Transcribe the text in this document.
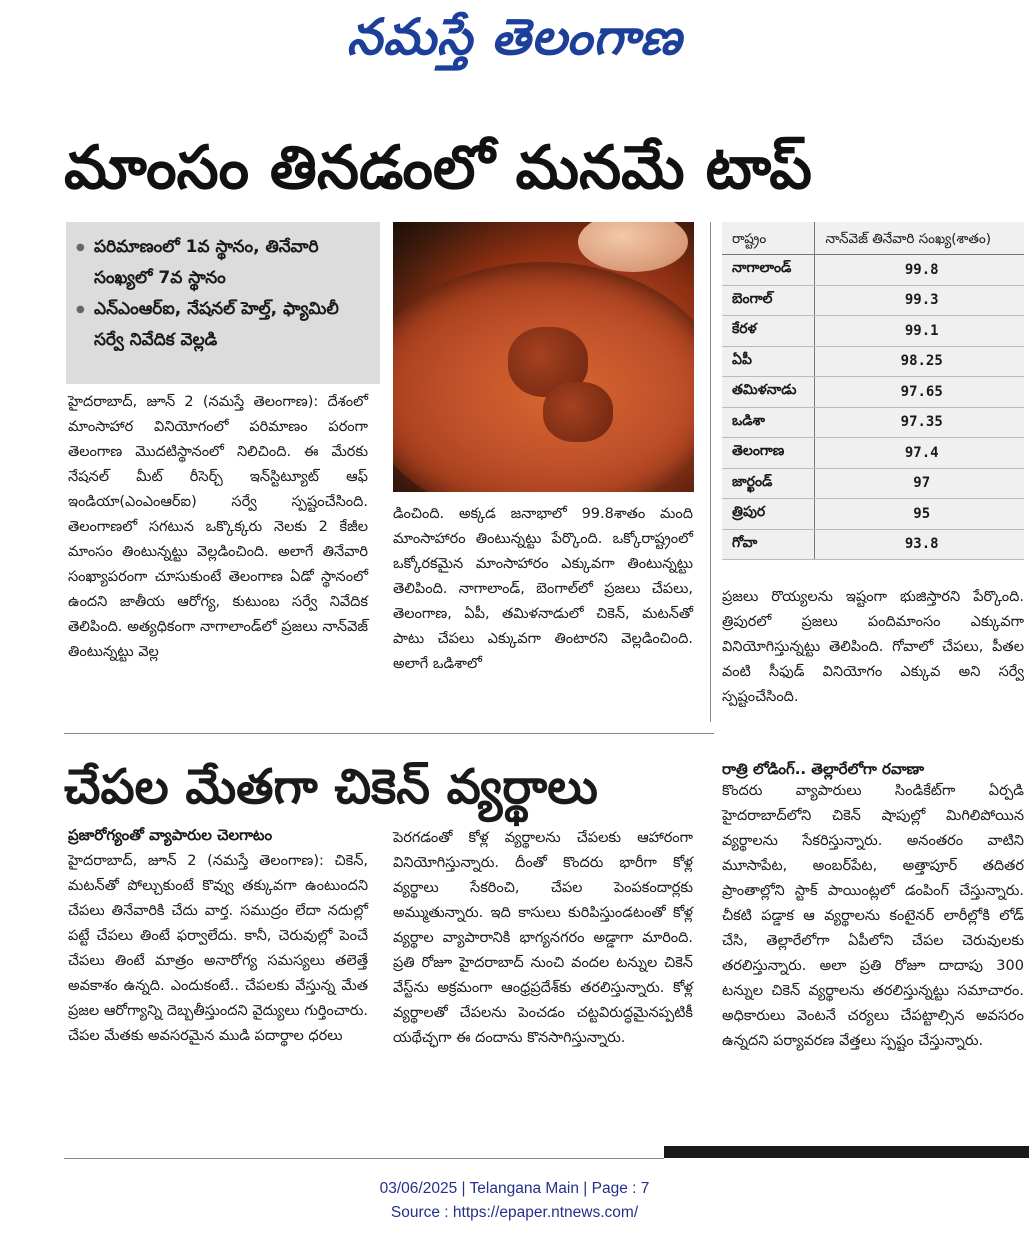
నమస్తే తెలంగాణ
మాంసం తినడంలో మనమే టాప్
● పరిమాణంలో 1వ స్థానం, తినేవారి సంఖ్యలో 7వ స్థానం
● ఎన్‌ఎంఆర్‌ఐ, నేషనల్‌ హెల్త్‌, ఫ్యామిలీ సర్వే నివేదిక వెల్లడి

హైదరాబాద్‌, జూన్‌ 2 (నమస్తే తెలంగాణ): దేశంలో మాంసాహార వినియోగంలో పరిమాణం పరంగా తెలంగాణ మొదటిస్థానంలో నిలిచింది. ఈ మేరకు నేషనల్‌ మీట్‌ రీసెర్చ్‌ ఇన్‌స్టిట్యూట్‌ ఆఫ్‌ ఇండియా(ఎంఎంఆర్‌ఐ) సర్వే స్పష్టంచేసింది. తెలంగాణలో సగటున ఒక్కొక్కరు నెలకు 2 కేజీల మాంసం తింటున్నట్టు వెల్లడించింది. అలాగే తినేవారి సంఖ్యాపరంగా చూసుకుంటే తెలంగాణ ఏడో స్థానంలో ఉందని జాతీయ ఆరోగ్య, కుటుంబ సర్వే నివేదిక తెలిపింది. అత్యధికంగా నాగాలాండ్‌లో ప్రజలు నాన్‌వెజ్‌ తింటున్నట్టు వెల్ల

డించింది. అక్కడ జనాభాలో 99.8శాతం మంది మాంసాహారం తింటున్నట్టు పేర్కొంది. ఒక్కోరాష్ట్రంలో ఒక్కోరకమైన మాంసాహారం ఎక్కువగా తింటున్నట్టు తెలిపింది. నాగాలాండ్‌, బెంగాల్‌లో ప్రజలు చేపలు, తెలంగాణ, ఏపీ, తమిళనాడులో చికెన్‌, మటన్‌తో పాటు చేపలు ఎక్కువగా తింటారని వెల్లడించింది. అలాగే ఒడిశాలో

రాష్ట్రం	నాన్‌వెజ్‌ తినేవారి సంఖ్య(శాతం)
నాగాలాండ్‌	99.8
బెంగాల్‌	99.3
కేరళ	99.1
ఏపీ	98.25
తమిళనాడు	97.65
ఒడిశా	97.35
తెలంగాణ	97.4
జార్ఖండ్‌	97
త్రిపుర	95
గోవా	93.8

ప్రజలు రొయ్యలను ఇష్టంగా భుజిస్తారని పేర్కొంది. త్రిపురలో ప్రజలు పందిమాంసం ఎక్కువగా వినియోగిస్తున్నట్టు తెలిపింది. గోవాలో చేపలు, పీతల వంటి సీఫుడ్‌ వినియోగం ఎక్కువ అని సర్వే స్పష్టంచేసింది.

చేపల మేతగా చికెన్‌ వ్యర్థాలు
ప్రజారోగ్యంతో వ్యాపారుల చెలగాటం

హైదరాబాద్‌, జూన్‌ 2 (నమస్తే తెలంగాణ): చికెన్‌, మటన్‌తో పోల్చుకుంటే కొవ్వు తక్కువగా ఉంటుందని చేపలు తినేవారికి చేదు వార్త. సముద్రం లేదా నదుల్లో పట్టే చేపలు తింటే ఫర్వాలేదు. కానీ, చెరువుల్లో పెంచే చేపలు తింటే మాత్రం అనారోగ్య సమస్యలు తలెత్తే అవకాశం ఉన్నది. ఎందుకంటే.. చేపలకు వేస్తున్న మేత ప్రజల ఆరోగ్యాన్ని దెబ్బతీస్తుందని వైద్యులు గుర్తించారు. చేపల మేతకు అవసరమైన ముడి పదార్థాల ధరలు

పెరగడంతో కోళ్ల వ్యర్థాలను చేపలకు ఆహారంగా వినియోగిస్తున్నారు. దీంతో కొందరు భారీగా కోళ్ల వ్యర్థాలు సేకరించి, చేపల పెంపకందార్లకు అమ్ముతున్నారు. ఇది కాసులు కురిపిస్తుండటంతో కోళ్ల వ్యర్థాల వ్యాపారానికి భాగ్యనగరం అడ్డాగా మారింది. ప్రతి రోజూ హైదరాబాద్‌ నుంచి వందల టన్నుల చికెన్‌ వేస్ట్‌ను అక్రమంగా ఆంధ్రప్రదేశ్‌కు తరలిస్తున్నారు. కోళ్ల వ్యర్థాలతో చేపలను పెంచడం చట్టవిరుద్ధమైనప్పటికీ యథేచ్ఛగా ఈ దందాను కొనసాగిస్తున్నారు.

రాత్రి లోడింగ్‌.. తెల్లారేలోగా రవాణా

కొందరు వ్యాపారులు సిండికేట్‌గా ఏర్పడి హైదరాబాద్‌లోని చికెన్‌ షాపుల్లో మిగిలిపోయిన వ్యర్థాలను సేకరిస్తున్నారు. అనంతరం వాటిని మూసాపేట, అంబర్‌పేట, అత్తాపూర్‌ తదితర ప్రాంతాల్లోని స్టాక్‌ పాయింట్లలో డంపింగ్‌ చేస్తున్నారు. చీకటి పడ్డాక ఆ వ్యర్థాలను కంటైనర్‌ లారీల్లోకి లోడ్‌ చేసి, తెల్లారేలోగా ఏపీలోని చేపల చెరువులకు తరలిస్తున్నారు. అలా ప్రతి రోజూ దాదాపు 300 టన్నుల చికెన్‌ వ్యర్థాలను తరలిస్తున్నట్టు సమాచారం. అధికారులు వెంటనే చర్యలు చేపట్టాల్సిన అవసరం ఉన్నదని పర్యావరణ వేత్తలు స్పష్టం చేస్తున్నారు.

03/06/2025 | Telangana Main | Page : 7
Source : https://epaper.ntnews.com/
